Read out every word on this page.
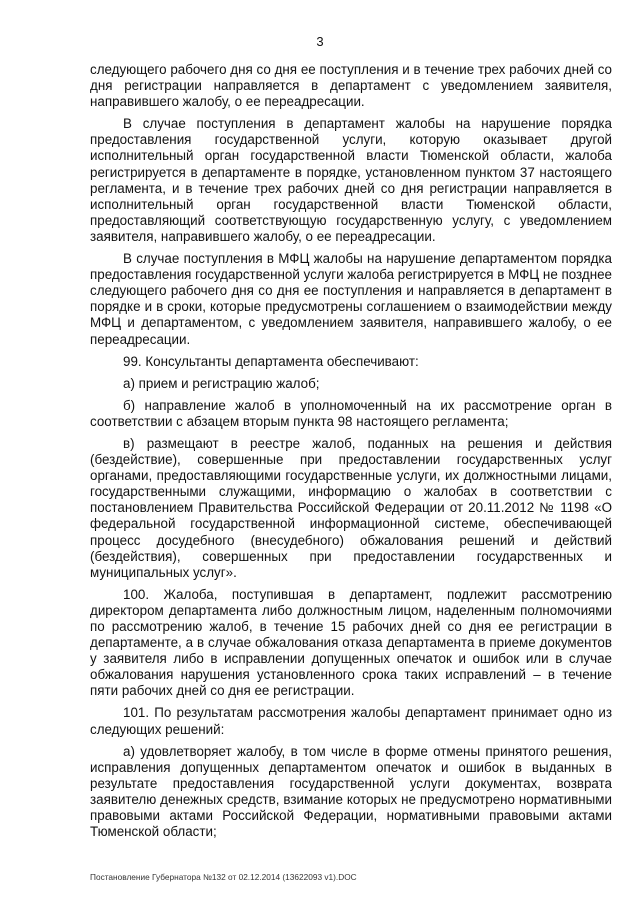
3

следующего рабочего дня со дня ее поступления и в течение трех рабочих дней со дня регистрации направляется в департамент с уведомлением заявителя, направившего жалобу, о ее переадресации.

В случае поступления в департамент жалобы на нарушение порядка предоставления государственной услуги, которую оказывает другой исполнительный орган государственной власти Тюменской области, жалоба регистрируется в департаменте в порядке, установленном пунктом 37 настоящего регламента, и в течение трех рабочих дней со дня регистрации направляется в исполнительный орган государственной власти Тюменской области, предоставляющий соответствующую государственную услугу, с уведомлением заявителя, направившего жалобу, о ее переадресации.

В случае поступления в МФЦ жалобы на нарушение департаментом порядка предоставления государственной услуги жалоба регистрируется в МФЦ не позднее следующего рабочего дня со дня ее поступления и направляется в департамент в порядке и в сроки, которые предусмотрены соглашением о взаимодействии между МФЦ и департаментом, с уведомлением заявителя, направившего жалобу, о ее переадресации.

99. Консультанты департамента обеспечивают:

а) прием и регистрацию жалоб;

б) направление жалоб в уполномоченный на их рассмотрение орган в соответствии с абзацем вторым пункта 98 настоящего регламента;

в) размещают в реестре жалоб, поданных на решения и действия (бездействие), совершенные при предоставлении государственных услуг органами, предоставляющими государственные услуги, их должностными лицами, государственными служащими, информацию о жалобах в соответствии с постановлением Правительства Российской Федерации от 20.11.2012 № 1198 «О федеральной государственной информационной системе, обеспечивающей процесс досудебного (внесудебного) обжалования решений и действий (бездействия), совершенных при предоставлении государственных и муниципальных услуг».

100. Жалоба, поступившая в департамент, подлежит рассмотрению директором департамента либо должностным лицом, наделенным полномочиями по рассмотрению жалоб, в течение 15 рабочих дней со дня ее регистрации в департаменте, а в случае обжалования отказа департамента в приеме документов у заявителя либо в исправлении допущенных опечаток и ошибок или в случае обжалования нарушения установленного срока таких исправлений – в течение пяти рабочих дней со дня ее регистрации.

101. По результатам рассмотрения жалобы департамент принимает одно из следующих решений:

а) удовлетворяет жалобу, в том числе в форме отмены принятого решения, исправления допущенных департаментом опечаток и ошибок в выданных в результате предоставления государственной услуги документах, возврата заявителю денежных средств, взимание которых не предусмотрено нормативными правовыми актами Российской Федерации, нормативными правовыми актами Тюменской области;

Постановление Губернатора №132 от 02.12.2014 (13622093 v1).DOC
